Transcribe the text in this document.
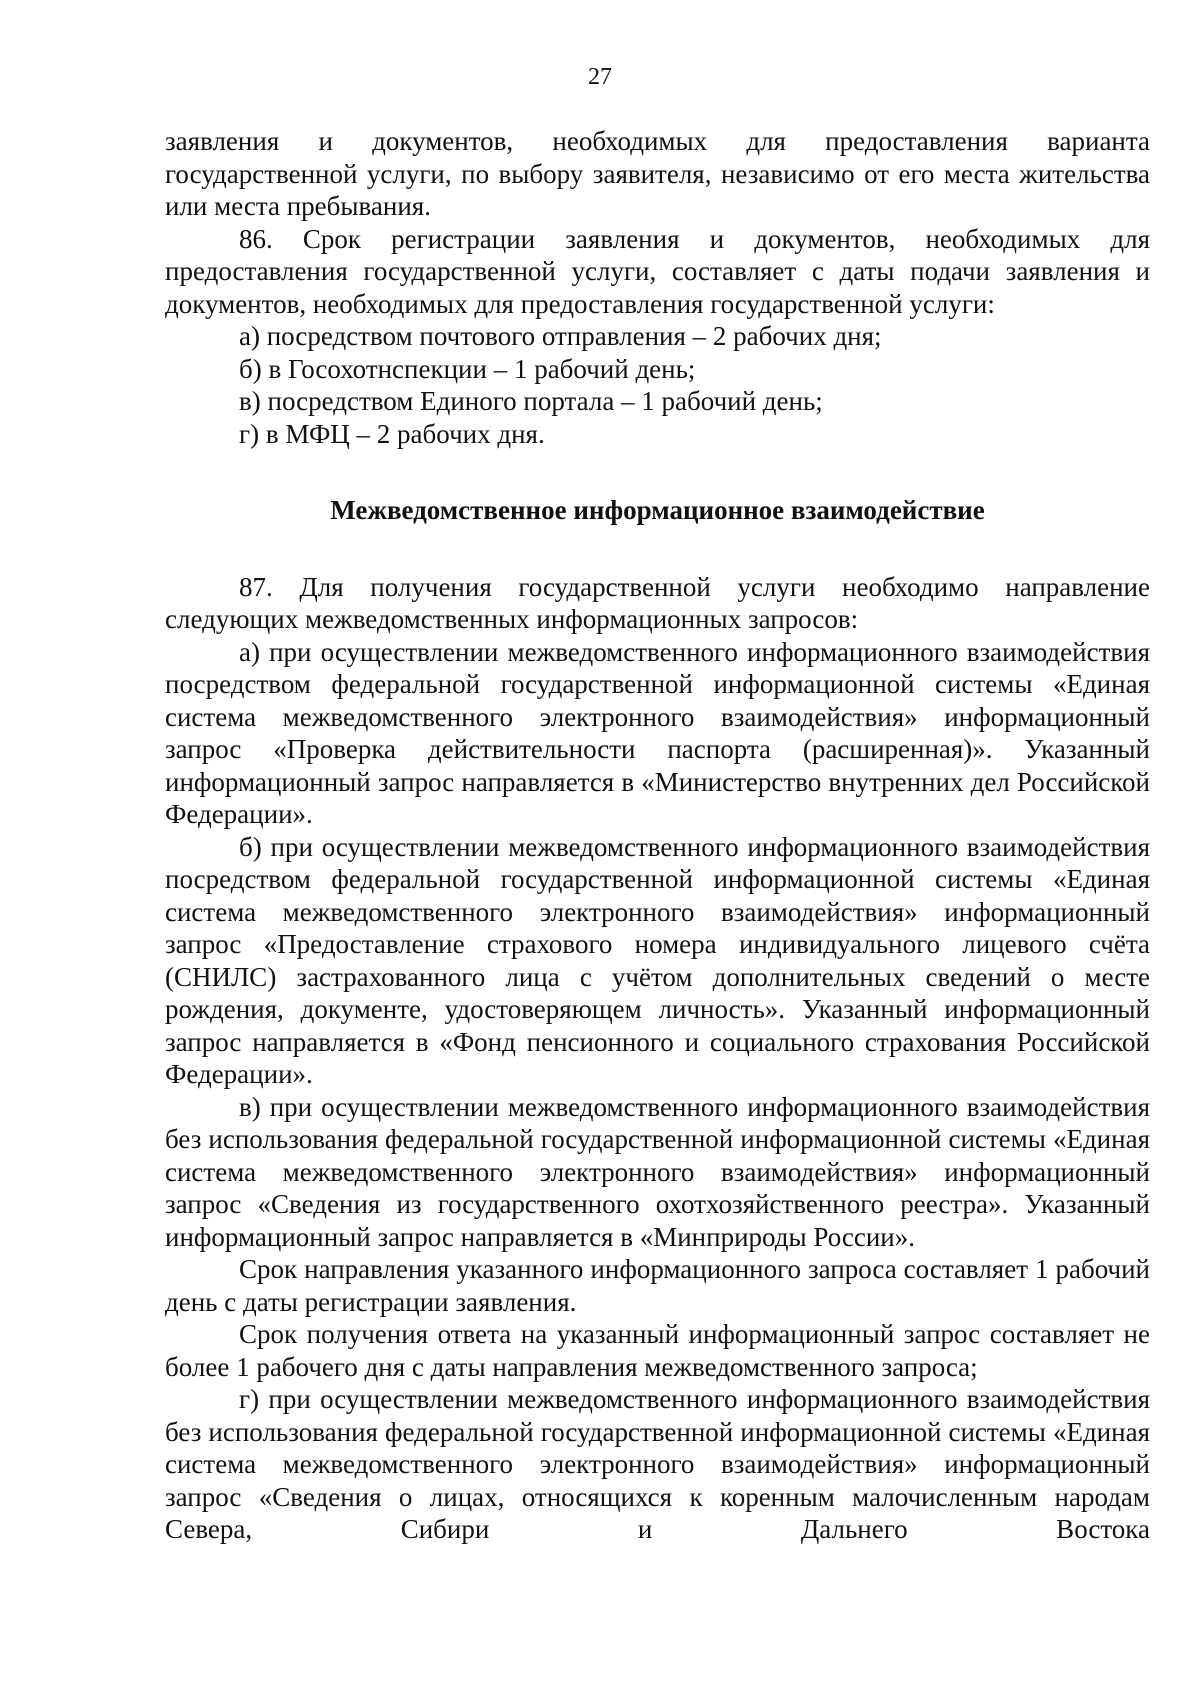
27

заявления и документов, необходимых для предоставления варианта государственной услуги, по выбору заявителя, независимо от его места жительства или места пребывания.

86. Срок регистрации заявления и документов, необходимых для предоставления государственной услуги, составляет с даты подачи заявления и документов, необходимых для предоставления государственной услуги:

а) посредством почтового отправления – 2 рабочих дня;

б) в Госохотнспекции – 1 рабочий день;

в) посредством Единого портала – 1 рабочий день;

г) в МФЦ – 2 рабочих дня.

Межведомственное информационное взаимодействие

87. Для получения государственной услуги необходимо направление следующих межведомственных информационных запросов:

а) при осуществлении межведомственного информационного взаимодействия посредством федеральной государственной информационной системы «Единая система межведомственного электронного взаимодействия» информационный запрос «Проверка действительности паспорта (расширенная)». Указанный информационный запрос направляется в «Министерство внутренних дел Российской Федерации».

б) при осуществлении межведомственного информационного взаимодействия посредством федеральной государственной информационной системы «Единая система межведомственного электронного взаимодействия» информационный запрос «Предоставление страхового номера индивидуального лицевого счёта (СНИЛС) застрахованного лица с учётом дополнительных сведений о месте рождения, документе, удостоверяющем личность». Указанный информационный запрос направляется в «Фонд пенсионного и социального страхования Российской Федерации».

в) при осуществлении межведомственного информационного взаимодействия без использования федеральной государственной информационной системы «Единая система межведомственного электронного взаимодействия» информационный запрос «Сведения из государственного охотхозяйственного реестра». Указанный информационный запрос направляется в «Минприроды России».

Срок направления указанного информационного запроса составляет 1 рабочий день с даты регистрации заявления.

Срок получения ответа на указанный информационный запрос составляет не более 1 рабочего дня с даты направления межведомственного запроса;

г) при осуществлении межведомственного информационного взаимодействия без использования федеральной государственной информационной системы «Единая система межведомственного электронного взаимодействия» информационный запрос «Сведения о лицах, относящихся к коренным малочисленным народам Севера, Сибири и Дальнего Востока
